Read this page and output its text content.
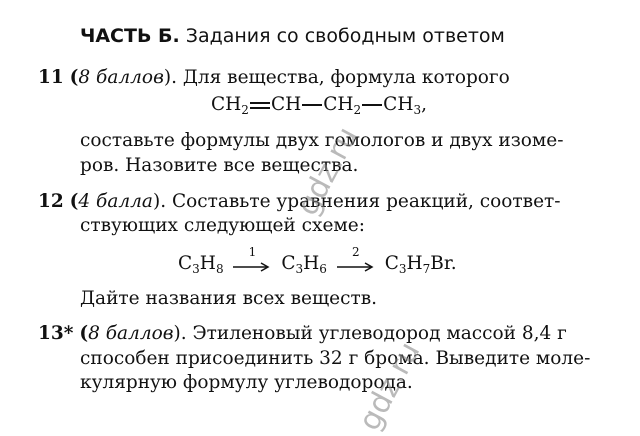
ЧАСТЬ Б. Задания со свободным ответом
11 (8 баллов). Для вещества, формула которого
$CH_2$ CH $CH_2$ $CH_3$,
составьте формулы двух гомологов и двух изоме-
ров. Назовите все вещества.
12 (4 балла). Составьте уравнения реакций, соответ-
ствующих следующей схеме:
$C_3H_8$
1
$C_3H_6$
2
$C_3H_7Br$.
Дайте названия всех веществ.
13* (8 баллов). Этиленовый углеводород массой 8,4 г
способен присоединить 32 г брома. Выведите моле-
кулярную формулу углеводорода.
gdz.ru
gdz.ru
